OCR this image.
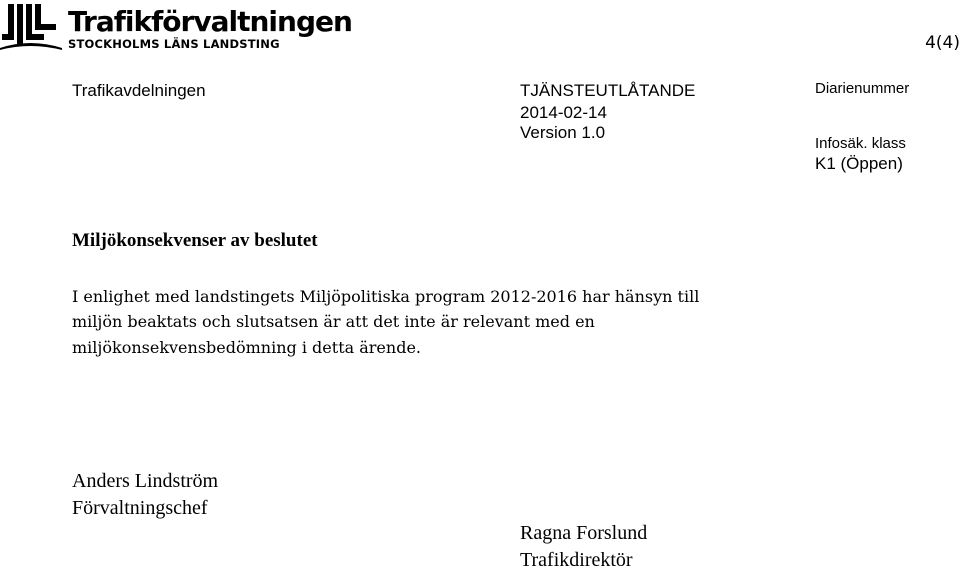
Trafikförvaltningen
STOCKHOLMS LÄNS LANDSTING	4(4)
Trafikavdelningen	TJÄNSTEUTLÅTANDE
2014-02-14
Version 1.0
Diarienummer
Infosäk. klass
K1 (Öppen)
Miljökonsekvenser av beslutet
I enlighet med landstingets Miljöpolitiska program 2012-2016 har hänsyn till
miljön beaktats och slutsatsen är att det inte är relevant med en
miljökonsekvensbedömning i detta ärende.
Anders Lindström
Förvaltningschef
Ragna Forslund
Trafikdirektör
